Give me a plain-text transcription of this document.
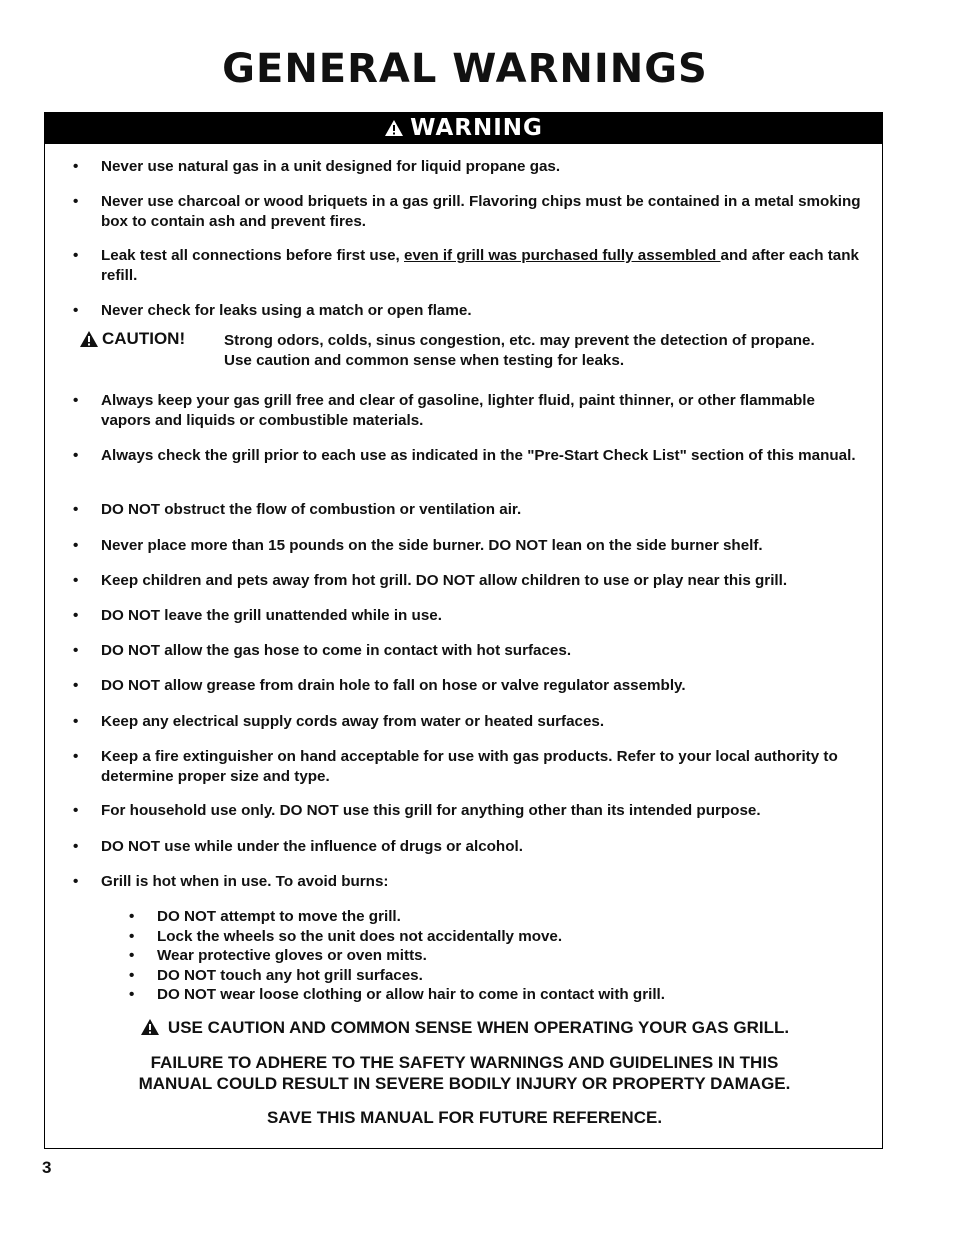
GENERAL WARNINGS
WARNING
• Never use natural gas in a unit designed for liquid propane gas.
• Never use charcoal or wood briquets in a gas grill. Flavoring chips must be contained in a metal smoking box to contain ash and prevent fires.
• Leak test all connections before first use, even if grill was purchased fully assembled and after each tank refill.
• Never check for leaks using a match or open flame.
CAUTION!	Strong odors, colds, sinus congestion, etc. may prevent the detection of propane. Use caution and common sense when testing for leaks.
• Always keep your gas grill free and clear of gasoline, lighter fluid, paint thinner, or other flammable vapors and liquids or combustible materials.
• Always check the grill prior to each use as indicated in the "Pre-Start Check List" section of this manual.
• DO NOT obstruct the flow of combustion or ventilation air.
• Never place more than 15 pounds on the side burner. DO NOT lean on the side burner shelf.
• Keep children and pets away from hot grill. DO NOT allow children to use or play near this grill.
• DO NOT leave the grill unattended while in use.
• DO NOT allow the gas hose to come in contact with hot surfaces.
• DO NOT allow grease from drain hole to fall on hose or valve regulator assembly.
• Keep any electrical supply cords away from water or heated surfaces.
• Keep a fire extinguisher on hand acceptable for use with gas products. Refer to your local authority to determine proper size and type.
• For household use only. DO NOT use this grill for anything other than its intended purpose.
• DO NOT use while under the influence of drugs or alcohol.
• Grill is hot when in use. To avoid burns:
• DO NOT attempt to move the grill.
• Lock the wheels so the unit does not accidentally move.
• Wear protective gloves or oven mitts.
• DO NOT touch any hot grill surfaces.
• DO NOT wear loose clothing or allow hair to come in contact with grill.
USE CAUTION AND COMMON SENSE WHEN OPERATING YOUR GAS GRILL.
FAILURE TO ADHERE TO THE SAFETY WARNINGS AND GUIDELINES IN THIS
MANUAL COULD RESULT IN SEVERE BODILY INJURY OR PROPERTY DAMAGE.
SAVE THIS MANUAL FOR FUTURE REFERENCE.
3
